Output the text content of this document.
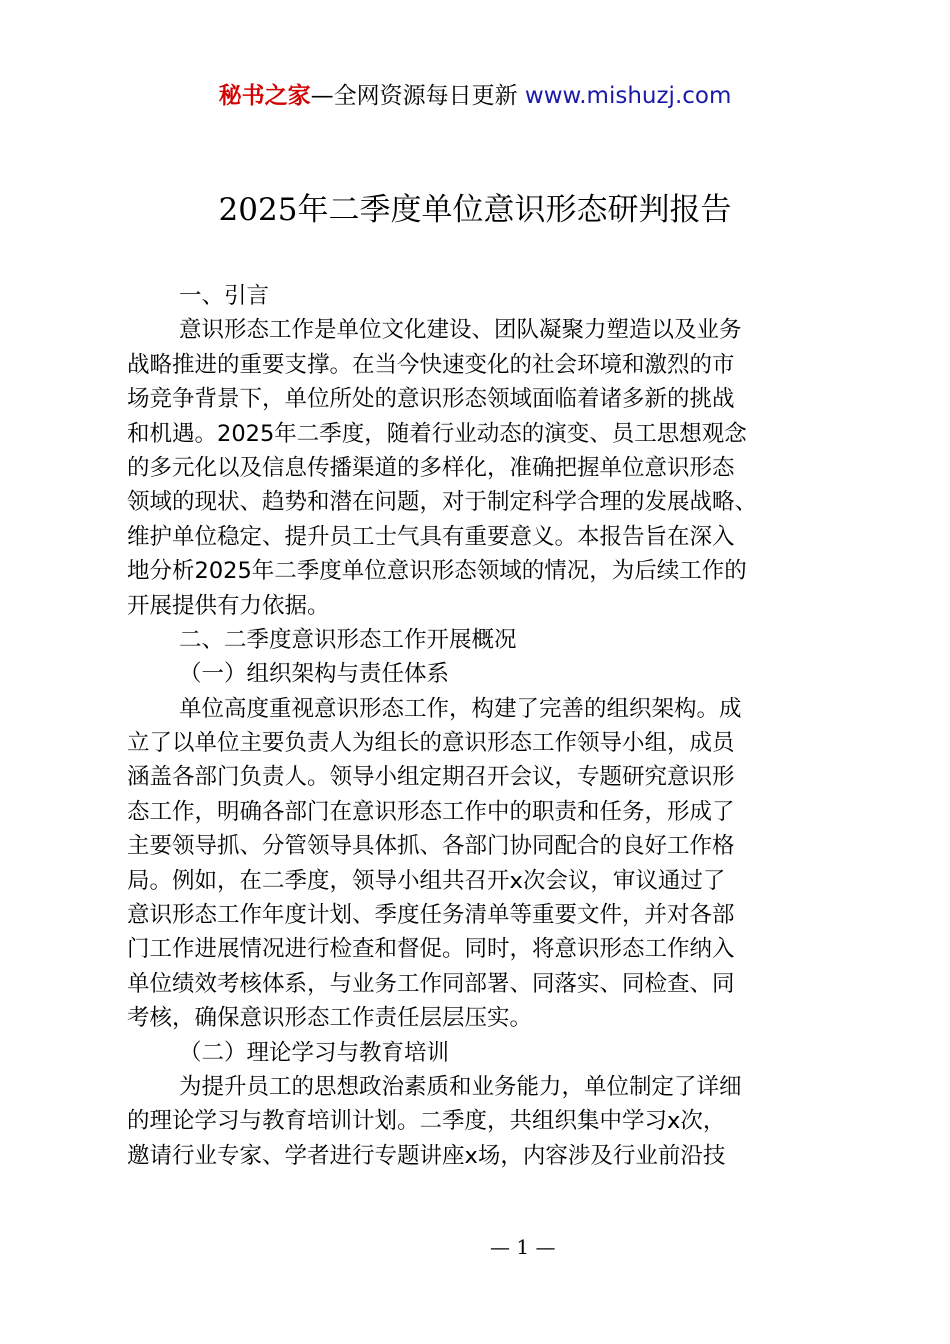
秘书之家—全网资源每日更新 www.mishuzj.com
2025年二季度单位意识形态研判报告
一、引言
意识形态工作是单位文化建设、团队凝聚力塑造以及业务
战略推进的重要支撑。在当今快速变化的社会环境和激烈的市
场竞争背景下，单位所处的意识形态领域面临着诸多新的挑战
和机遇。2025年二季度，随着行业动态的演变、员工思想观念
的多元化以及信息传播渠道的多样化，准确把握单位意识形态
领域的现状、趋势和潜在问题，对于制定科学合理的发展战略、
维护单位稳定、提升员工士气具有重要意义。本报告旨在深入
地分析2025年二季度单位意识形态领域的情况，为后续工作的
开展提供有力依据。
二、二季度意识形态工作开展概况
（一）组织架构与责任体系
单位高度重视意识形态工作，构建了完善的组织架构。成
立了以单位主要负责人为组长的意识形态工作领导小组，成员
涵盖各部门负责人。领导小组定期召开会议，专题研究意识形
态工作，明确各部门在意识形态工作中的职责和任务，形成了
主要领导抓、分管领导具体抓、各部门协同配合的良好工作格
局。例如，在二季度，领导小组共召开x次会议，审议通过了
意识形态工作年度计划、季度任务清单等重要文件，并对各部
门工作进展情况进行检查和督促。同时，将意识形态工作纳入
单位绩效考核体系，与业务工作同部署、同落实、同检查、同
考核，确保意识形态工作责任层层压实。
（二）理论学习与教育培训
为提升员工的思想政治素质和业务能力，单位制定了详细
的理论学习与教育培训计划。二季度，共组织集中学习x次，
邀请行业专家、学者进行专题讲座x场，内容涉及行业前沿技
— 1 —
